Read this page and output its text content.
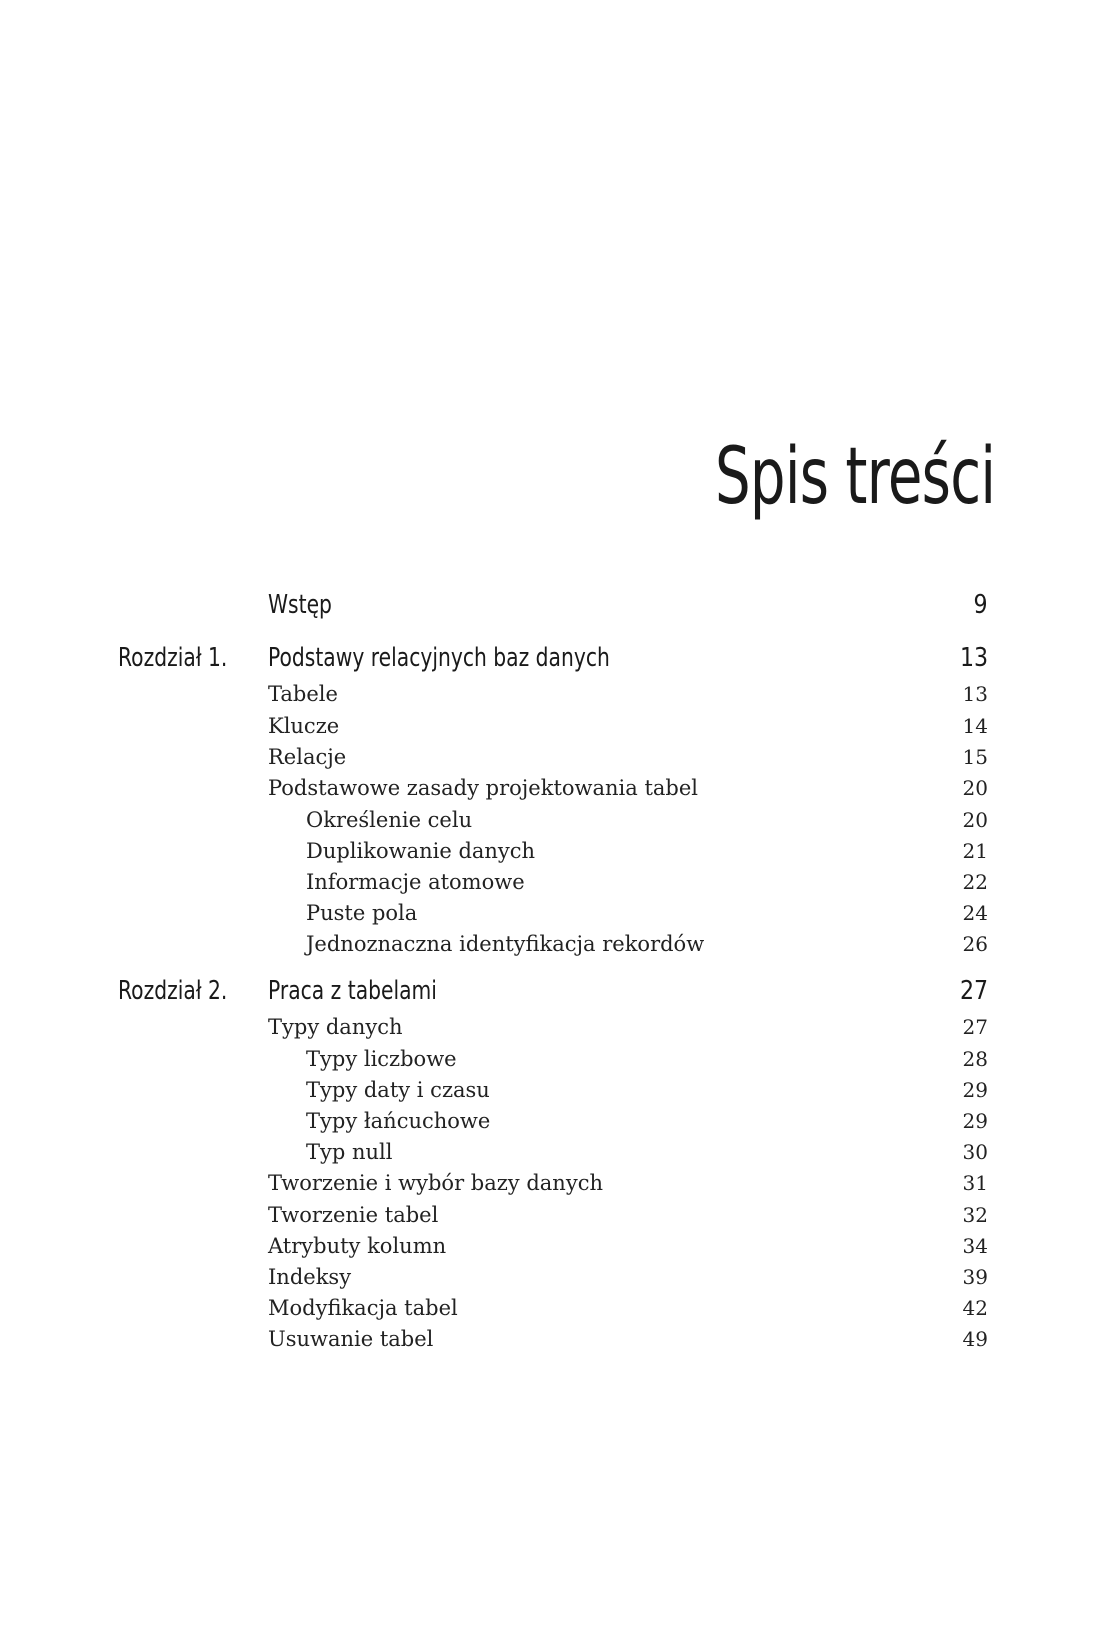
Spis treści
Wstęp	9
Rozdział 1. Podstawy relacyjnych baz danych	13
Tabele	13
Klucze	14
Relacje	15
Podstawowe zasady projektowania tabel	20
Określenie celu	20
Duplikowanie danych	21
Informacje atomowe	22
Puste pola	24
Jednoznaczna identyfikacja rekordów	26
Rozdział 2. Praca z tabelami	27
Typy danych	27
Typy liczbowe	28
Typy daty i czasu	29
Typy łańcuchowe	29
Typ null	30
Tworzenie i wybór bazy danych	31
Tworzenie tabel	32
Atrybuty kolumn	34
Indeksy	39
Modyfikacja tabel	42
Usuwanie tabel	49
